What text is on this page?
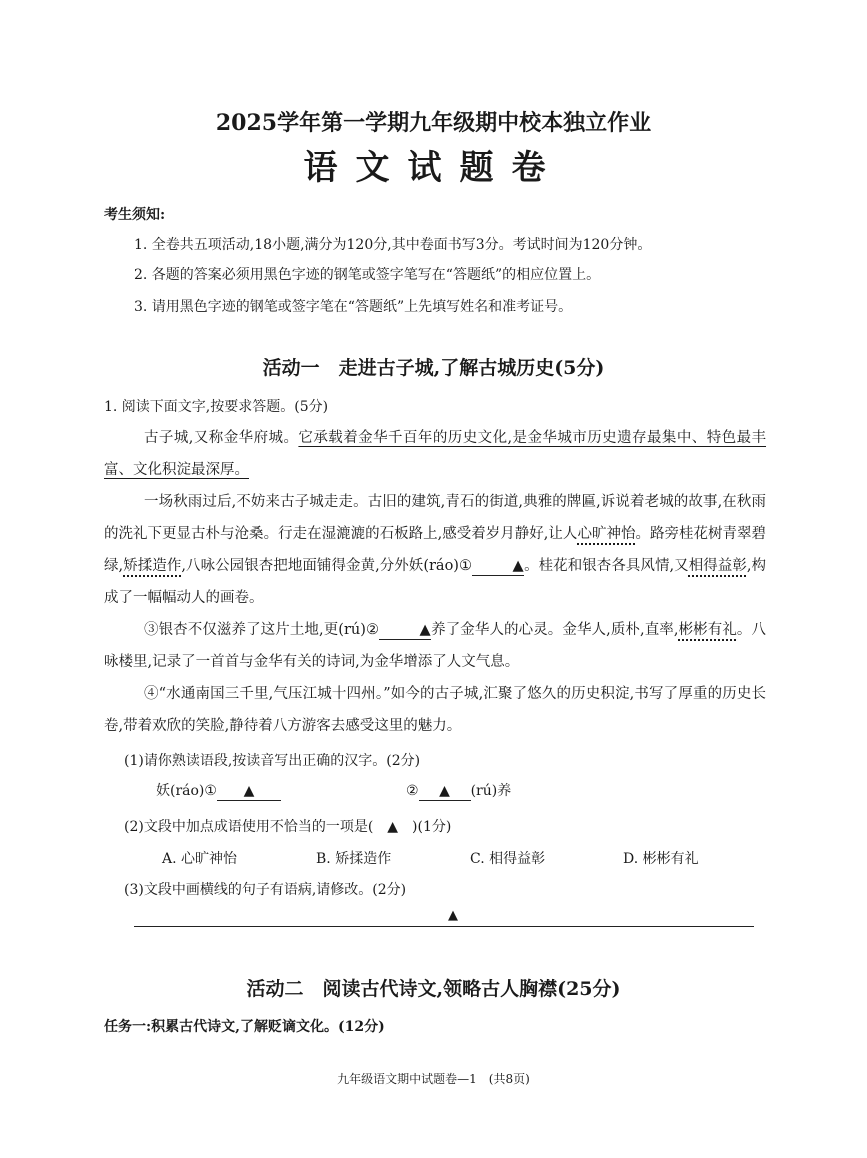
2025学年第一学期九年级期中校本独立作业
语文试题卷
考生须知:
1. 全卷共五项活动,18小题,满分为120分,其中卷面书写3分。考试时间为120分钟。
2. 各题的答案必须用黑色字迹的钢笔或签字笔写在“答题纸”的相应位置上。
3. 请用黑色字迹的钢笔或签字笔在“答题纸”上先填写姓名和准考证号。
活动一　走进古子城,了解古城历史(5分)
1. 阅读下面文字,按要求答题。(5分)
古子城,又称金华府城。它承载着金华千百年的历史文化,是金华城市历史遗存最集中、特色最丰富、文化积淀最深厚。
一场秋雨过后,不妨来古子城走走。古旧的建筑,青石的街道,典雅的牌匾,诉说着老城的故事,在秋雨的洗礼下更显古朴与沧桑。行走在湿漉漉的石板路上,感受着岁月静好,让人心旷神怡。路旁桂花树青翠碧绿,矫揉造作,八咏公园银杏把地面铺得金黄,分外妖(ráo)①	▲。桂花和银杏各具风情,又相得益彰,构成了一幅幅动人的画卷。
③银杏不仅滋养了这片土地,更(rú)②	▲养了金华人的心灵。金华人,质朴,直率,彬彬有礼。八咏楼里,记录了一首首与金华有关的诗词,为金华增添了人文气息。
④“水通南国三千里,气压江城十四州。”如今的古子城,汇聚了悠久的历史积淀,书写了厚重的历史长卷,带着欢欣的笑脸,静待着八方游客去感受这里的魅力。
(1)请你熟读语段,按读音写出正确的汉字。(2分)
妖(ráo)① ▲	② ▲ (rú)养
(2)文段中加点成语使用不恰当的一项是(　▲　)(1分)
A. 心旷神怡	B. 矫揉造作	C. 相得益彰	D. 彬彬有礼
(3)文段中画横线的句子有语病,请修改。(2分)
▲
活动二　阅读古代诗文,领略古人胸襟(25分)
任务一:积累古代诗文,了解贬谪文化。(12分)
九年级语文期中试题卷—1　(共8页)
